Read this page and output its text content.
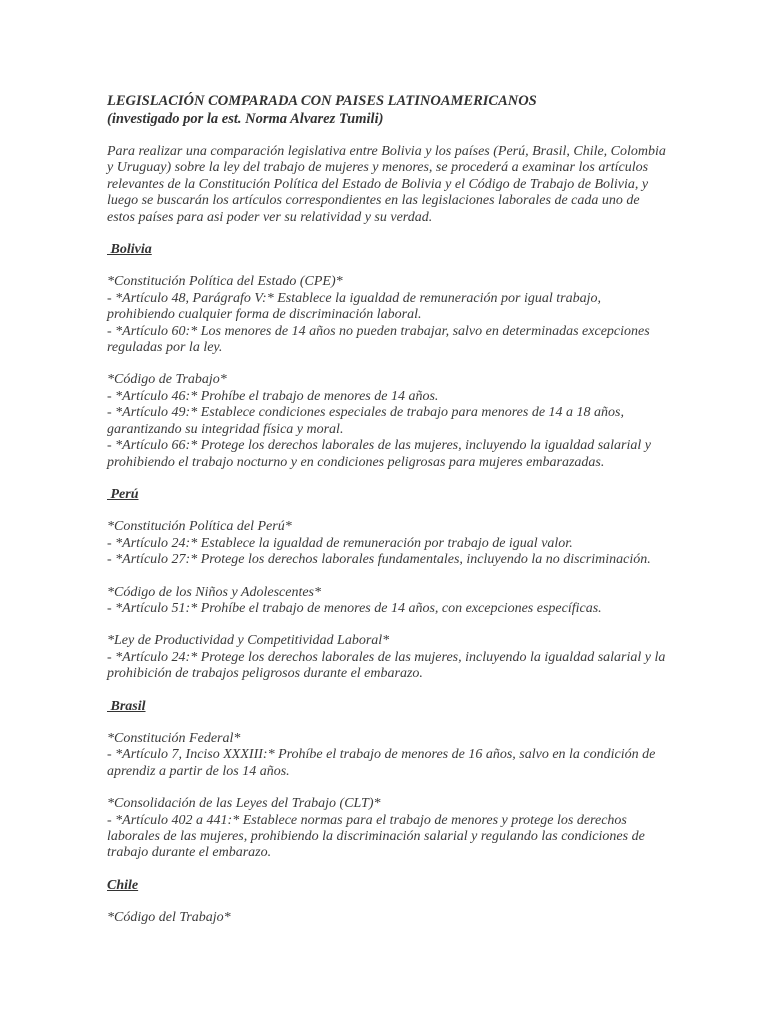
LEGISLACIÓN COMPARADA CON PAISES LATINOAMERICANOS

(investigado por la est. Norma Alvarez Tumili)

Para realizar una comparación legislativa entre Bolivia y los países (Perú, Brasil, Chile, Colombia y Uruguay) sobre la ley del trabajo de mujeres y menores, se procederá a examinar los artículos relevantes de la Constitución Política del Estado de Bolivia y el Código de Trabajo de Bolivia, y luego se buscarán los artículos correspondientes en las legislaciones laborales de cada uno de estos países para asi poder ver su relatividad y su verdad.

Bolivia

*Constitución Política del Estado (CPE)*
- *Artículo 48, Parágrafo V:* Establece la igualdad de remuneración por igual trabajo, prohibiendo cualquier forma de discriminación laboral.
- *Artículo 60:* Los menores de 14 años no pueden trabajar, salvo en determinadas excepciones reguladas por la ley.
*Código de Trabajo*
- *Artículo 46:* Prohíbe el trabajo de menores de 14 años.
- *Artículo 49:* Establece condiciones especiales de trabajo para menores de 14 a 18 años, garantizando su integridad física y moral.
- *Artículo 66:* Protege los derechos laborales de las mujeres, incluyendo la igualdad salarial y prohibiendo el trabajo nocturno y en condiciones peligrosas para mujeres embarazadas.

Perú

*Constitución Política del Perú*
- *Artículo 24:* Establece la igualdad de remuneración por trabajo de igual valor.
- *Artículo 27:* Protege los derechos laborales fundamentales, incluyendo la no discriminación.
*Código de los Niños y Adolescentes*
- *Artículo 51:* Prohíbe el trabajo de menores de 14 años, con excepciones específicas.
*Ley de Productividad y Competitividad Laboral*
- *Artículo 24:* Protege los derechos laborales de las mujeres, incluyendo la igualdad salarial y la prohibición de trabajos peligrosos durante el embarazo.

Brasil

*Constitución Federal*
- *Artículo 7, Inciso XXXIII:* Prohíbe el trabajo de menores de 16 años, salvo en la condición de aprendiz a partir de los 14 años.
*Consolidación de las Leyes del Trabajo (CLT)*
- *Artículo 402 a 441:* Establece normas para el trabajo de menores y protege los derechos laborales de las mujeres, prohibiendo la discriminación salarial y regulando las condiciones de trabajo durante el embarazo.

Chile

*Código del Trabajo*
